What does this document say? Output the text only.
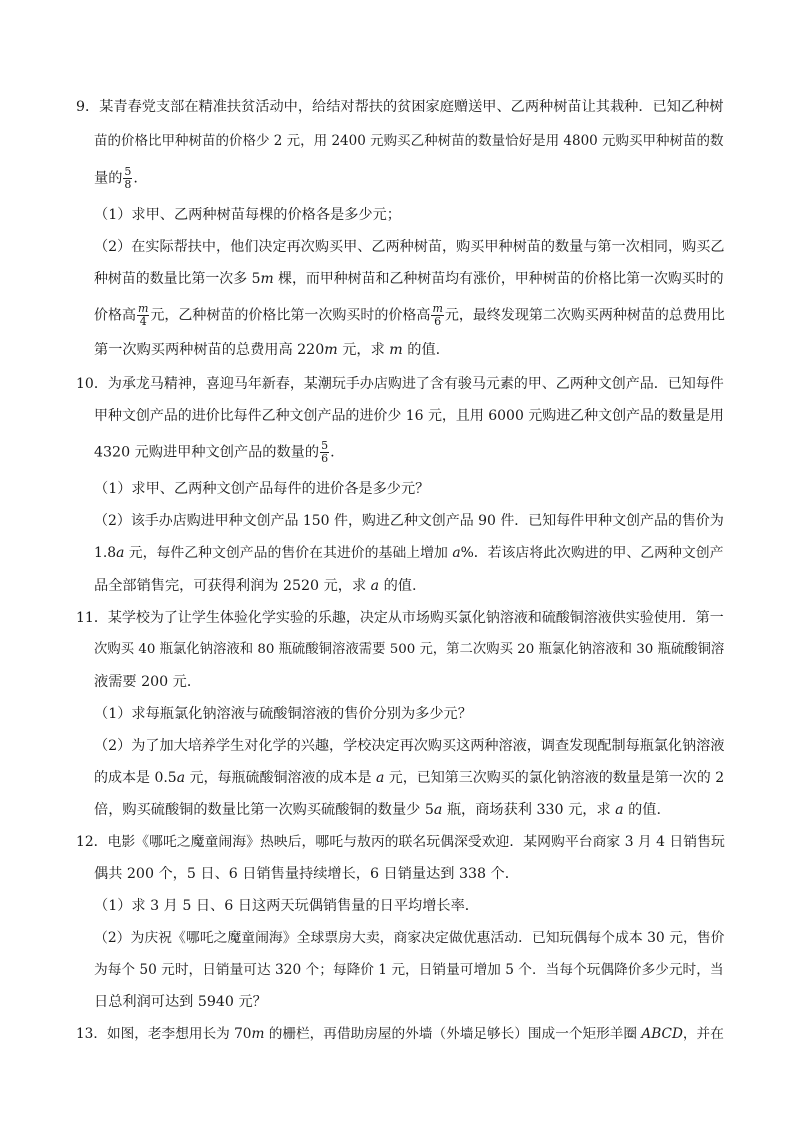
9．某青春党支部在精准扶贫活动中，给结对帮扶的贫困家庭赠送甲、乙两种树苗让其栽种．已知乙种树
苗的价格比甲种树苗的价格少 2 元，用 2400 元购买乙种树苗的数量恰好是用 4800 元购买甲种树苗的数
量的 $\frac{5}{8}$ .
（1）求甲、乙两种树苗每棵的价格各是多少元；
（2）在实际帮扶中，他们决定再次购买甲、乙两种树苗，购买甲种树苗的数量与第一次相同，购买乙
种树苗的数量比第一次多 5m 棵，而甲种树苗和乙种树苗均有涨价，甲种树苗的价格比第一次购买时的
价格高 $\frac{m}{4}$ 元，乙种树苗的价格比第一次购买时的价格高 $\frac{m}{6}$ 元，最终发现第二次购买两种树苗的总费用比
第一次购买两种树苗的总费用高 220m 元，求 m 的值.
10．为承龙马精神，喜迎马年新春，某潮玩手办店购进了含有骏马元素的甲、乙两种文创产品．已知每件
甲种文创产品的进价比每件乙种文创产品的进价少 16 元，且用 6000 元购进乙种文创产品的数量是用
4320 元购进甲种文创产品的数量的 $\frac{5}{6}$ .
（1）求甲、乙两种文创产品每件的进价各是多少元？
（2）该手办店购进甲种文创产品 150 件，购进乙种文创产品 90 件．已知每件甲种文创产品的售价为
1.8a 元，每件乙种文创产品的售价在其进价的基础上增加 a%．若该店将此次购进的甲、乙两种文创产
品全部销售完，可获得利润为 2520 元，求 a 的值.
11．某学校为了让学生体验化学实验的乐趣，决定从市场购买氯化钠溶液和硫酸铜溶液供实验使用．第一
次购买 40 瓶氯化钠溶液和 80 瓶硫酸铜溶液需要 500 元，第二次购买 20 瓶氯化钠溶液和 30 瓶硫酸铜溶
液需要 200 元．
（1）求每瓶氯化钠溶液与硫酸铜溶液的售价分别为多少元？
（2）为了加大培养学生对化学的兴趣，学校决定再次购买这两种溶液，调查发现配制每瓶氯化钠溶液
的成本是 0.5a 元，每瓶硫酸铜溶液的成本是 a 元，已知第三次购买的氯化钠溶液的数量是第一次的 2
倍，购买硫酸铜的数量比第一次购买硫酸铜的数量少 5a 瓶，商场获利 330 元，求 a 的值.
12．电影《哪吒之魔童闹海》热映后，哪吒与敖丙的联名玩偶深受欢迎．某网购平台商家 3 月 4 日销售玩
偶共 200 个，5 日、6 日销售量持续增长，6 日销量达到 338 个．
（1）求 3 月 5 日、6 日这两天玩偶销售量的日平均增长率．
（2）为庆祝《哪吒之魔童闹海》全球票房大卖，商家决定做优惠活动．已知玩偶每个成本 30 元，售价
为每个 50 元时，日销量可达 320 个；每降价 1 元，日销量可增加 5 个．当每个玩偶降价多少元时，当
日总利润可达到 5940 元？
13．如图，老李想用长为 70m 的栅栏，再借助房屋的外墙（外墙足够长）围成一个矩形羊圈 ABCD，并在
